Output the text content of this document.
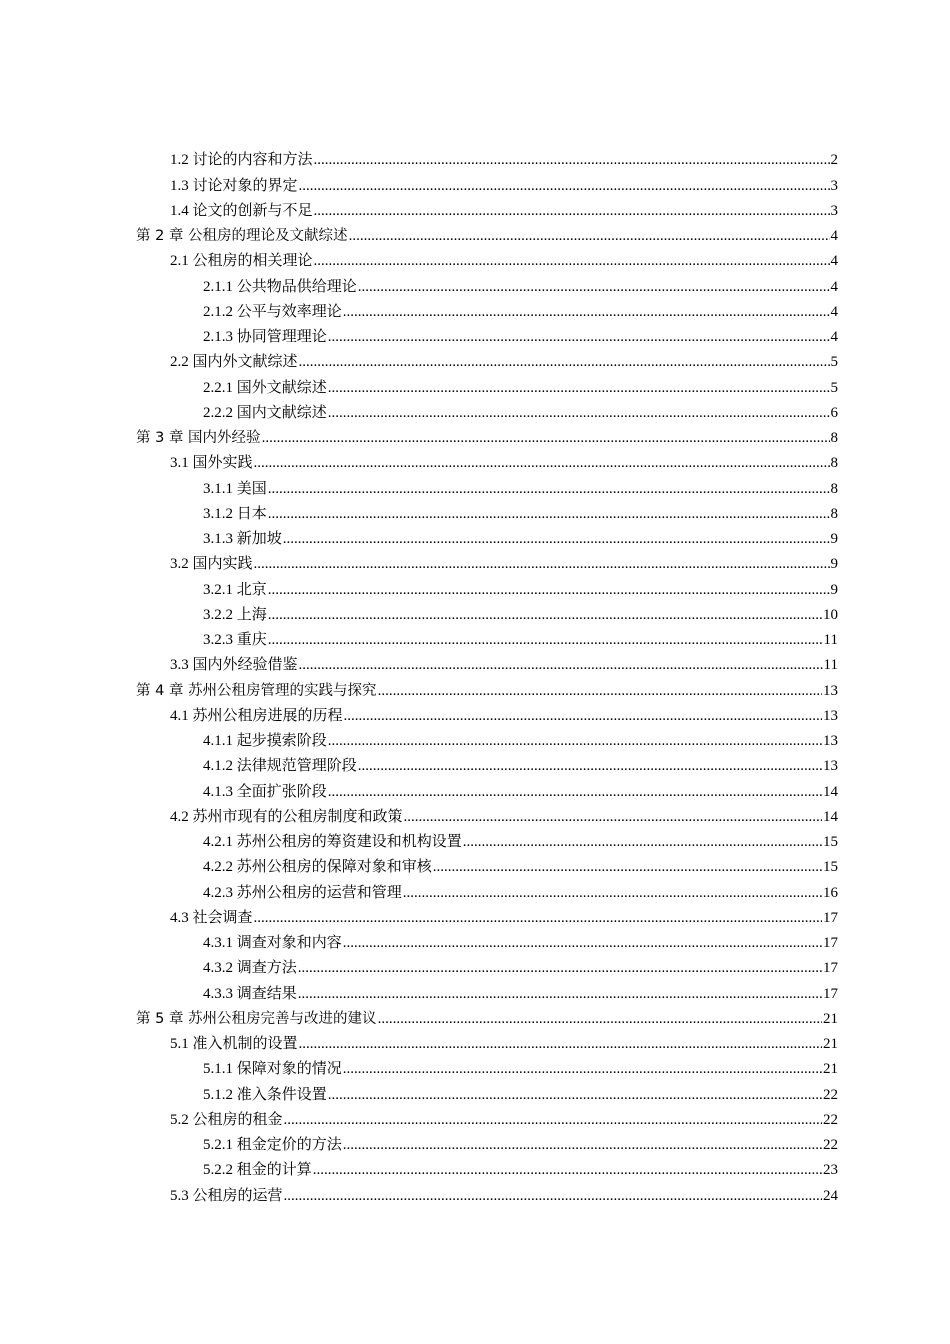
1.2 讨论的内容和方法 .....	2
1.3 讨论对象的界定 .....	3
1.4 论文的创新与不足 .....	3
第 2 章 公租房的理论及文献综述 .....	4
2.1 公租房的相关理论 .....	4
2.1.1 公共物品供给理论 .....	4
2.1.2 公平与效率理论 .....	4
2.1.3 协同管理理论 .....	4
2.2 国内外文献综述 .....	5
2.2.1 国外文献综述 .....	5
2.2.2 国内文献综述 .....	6
第 3 章 国内外经验 .....	8
3.1 国外实践 .....	8
3.1.1 美国 .....	8
3.1.2 日本 .....	8
3.1.3 新加坡 .....	9
3.2 国内实践 .....	9
3.2.1 北京 .....	9
3.2.2 上海 .....	10
3.2.3 重庆 .....	11
3.3 国内外经验借鉴 .....	11
第 4 章 苏州公租房管理的实践与探究 .....	13
4.1 苏州公租房进展的历程 .....	13
4.1.1 起步摸索阶段 .....	13
4.1.2 法律规范管理阶段 .....	13
4.1.3 全面扩张阶段 .....	14
4.2 苏州市现有的公租房制度和政策 .....	14
4.2.1 苏州公租房的筹资建设和机构设置 .....	15
4.2.2 苏州公租房的保障对象和审核 .....	15
4.2.3 苏州公租房的运营和管理 .....	16
4.3 社会调查 .....	17
4.3.1 调查对象和内容 .....	17
4.3.2 调查方法 .....	17
4.3.3 调查结果 .....	17
第 5 章 苏州公租房完善与改进的建议 .....	21
5.1 准入机制的设置 .....	21
5.1.1 保障对象的情况 .....	21
5.1.2 准入条件设置 .....	22
5.2 公租房的租金 .....	22
5.2.1 租金定价的方法 .....	22
5.2.2 租金的计算 .....	23
5.3 公租房的运营 .....	24
